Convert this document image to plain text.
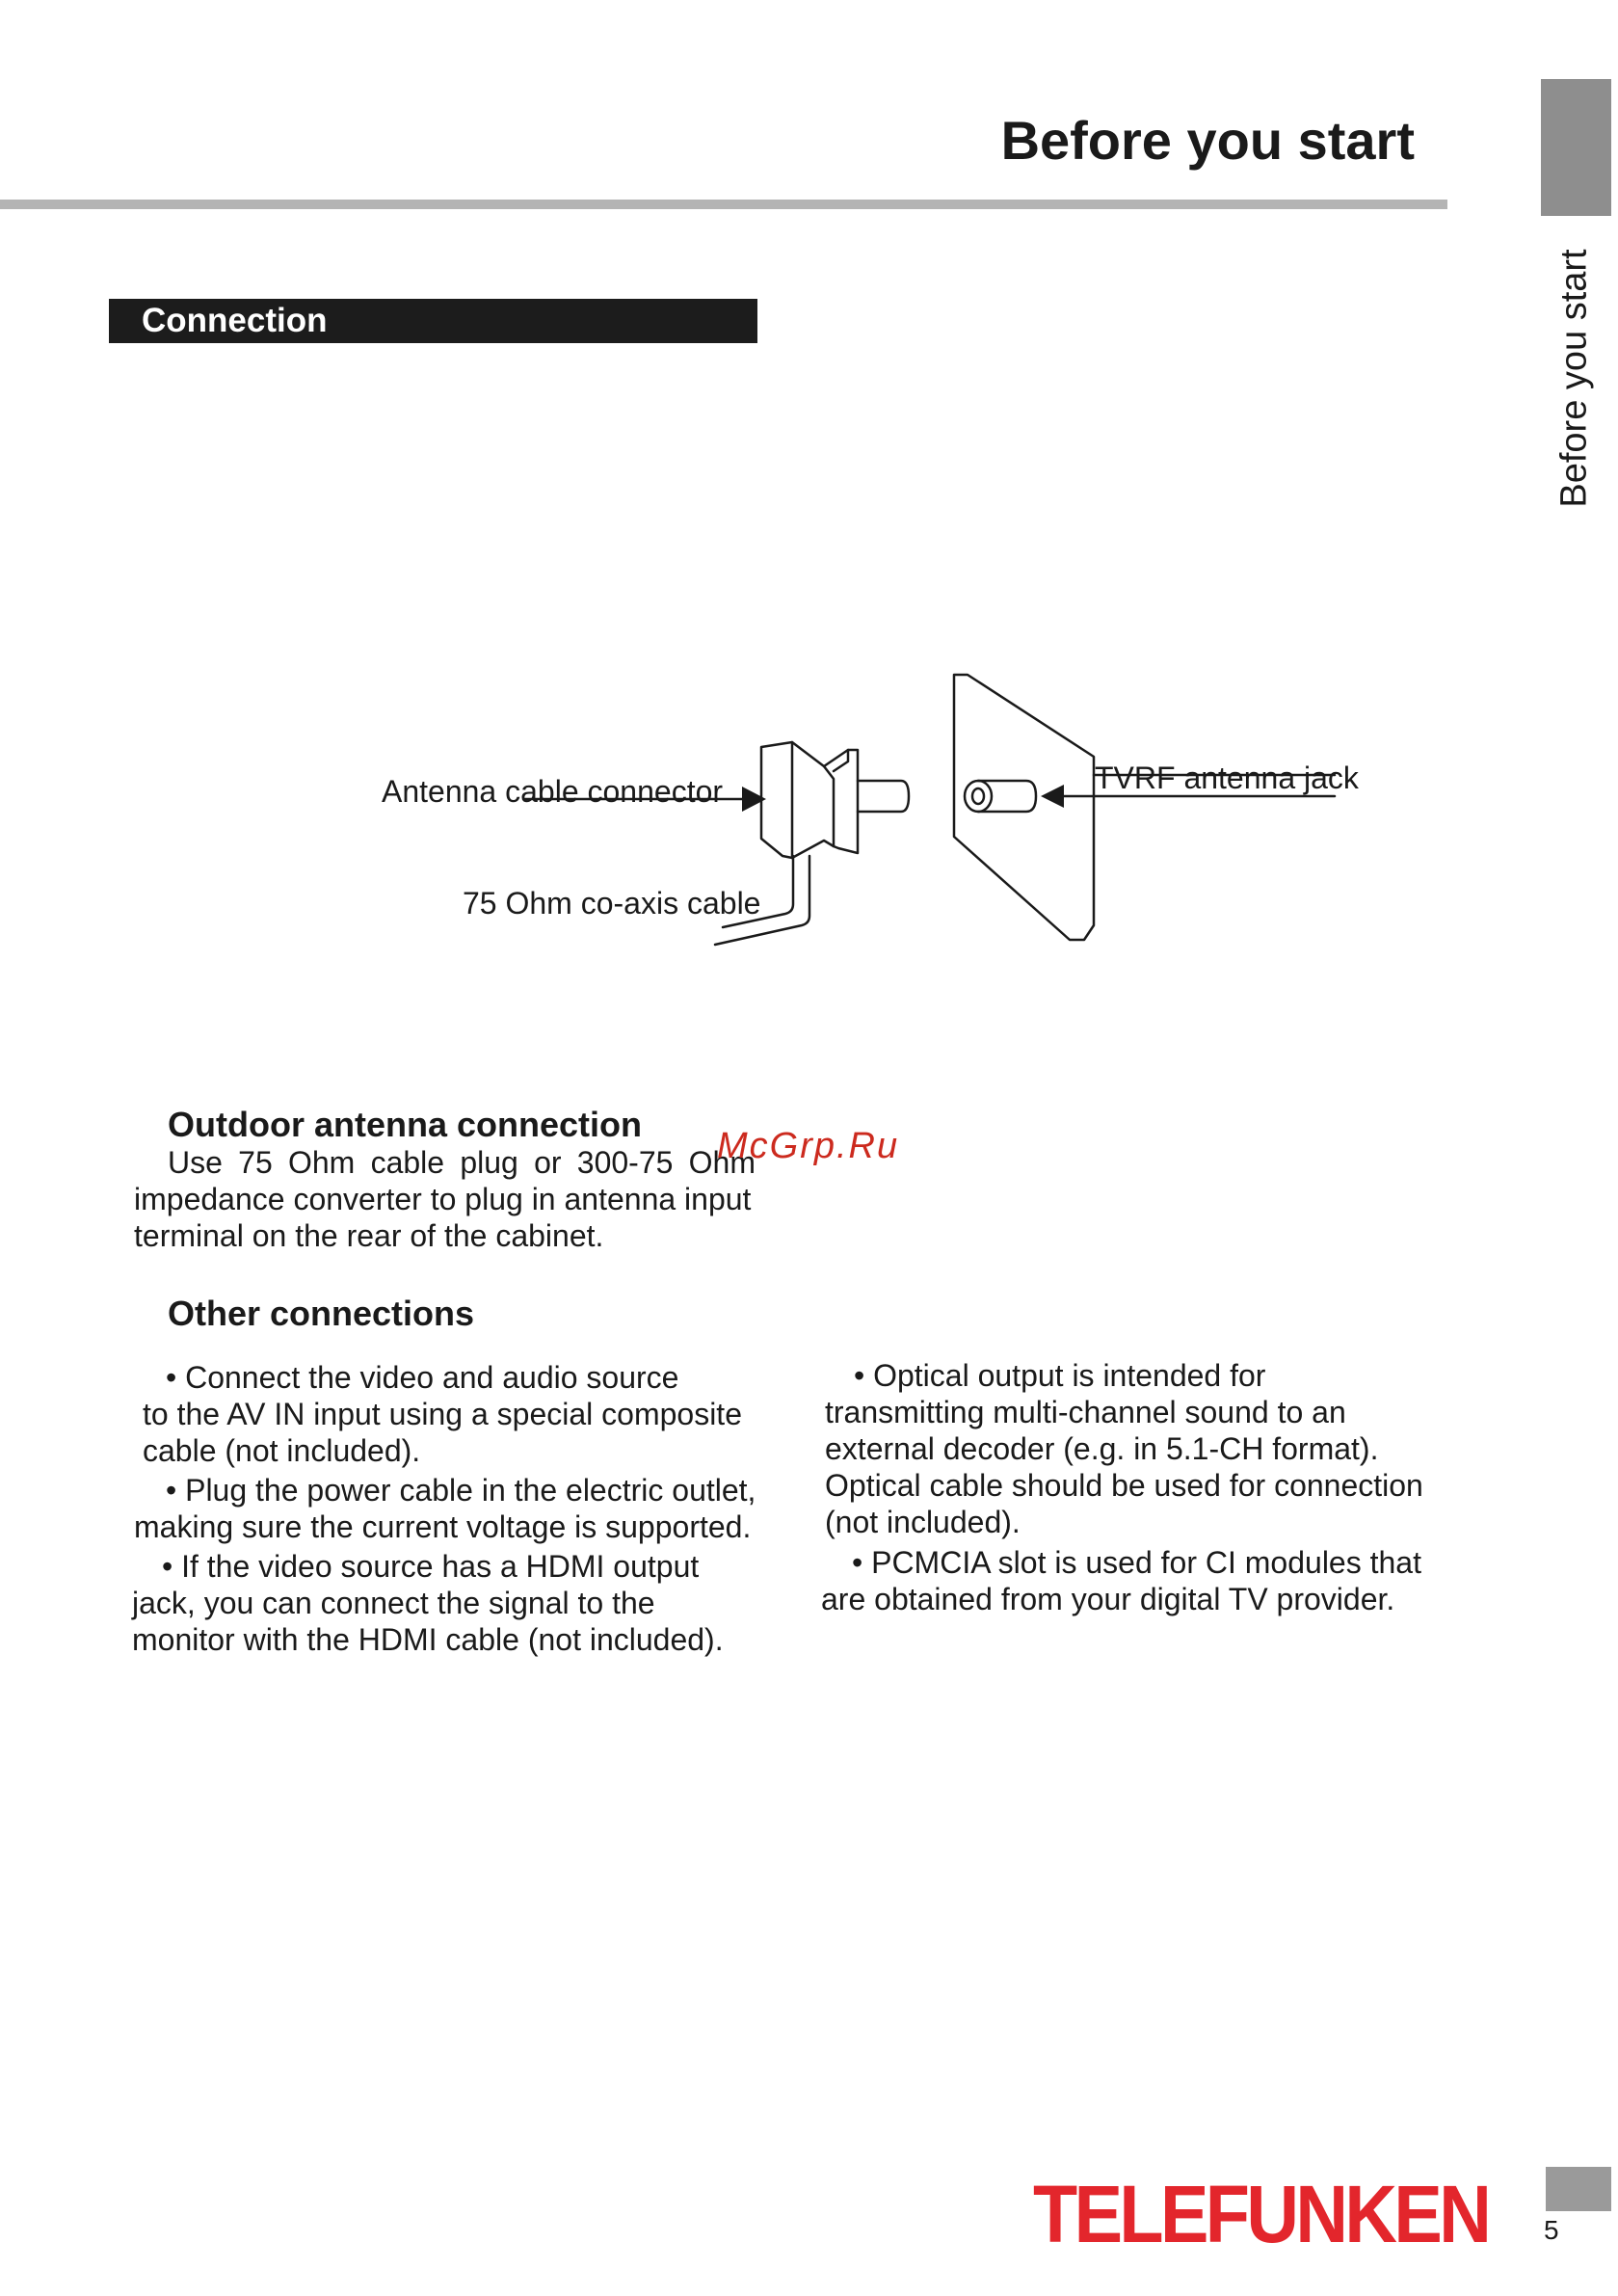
Before you start
Before you start
Connection
Antenna cable connector
75 Ohm co-axis cable
TVRF antenna jack
Outdoor antenna connection
Use 75 Ohm cable plug or 300-75 Ohm
impedance converter to plug in antenna input
terminal on the rear of the cabinet.
McGrp.Ru
Other connections
• Connect the video and audio source
to the AV IN input using a special composite
cable (not included).
• Plug the power cable in the electric outlet,
making sure the current voltage is supported.
• If the video source has a HDMI output
jack, you can connect the signal to the
monitor with the HDMI cable (not included).
• Optical output is intended for
transmitting multi-channel sound to an
external decoder (e.g. in 5.1-CH format).
Optical cable should be used for connection
(not included).
• PCMCIA slot is used for CI modules that
are obtained from your digital TV provider.
TELEFUNKEN 5
